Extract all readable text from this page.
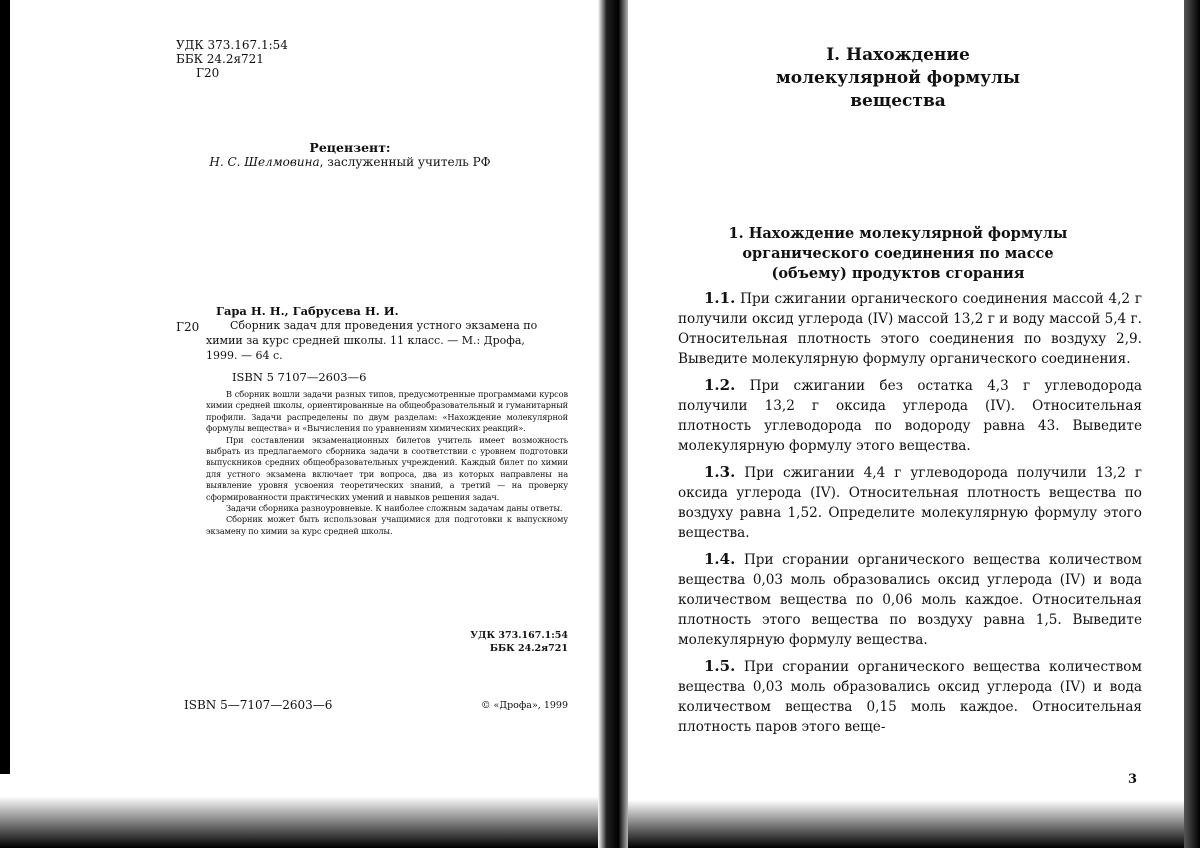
УДК 373.167.1:54
ББК 24.2я721
Г20
Рецензент:
Н. С. Шелмовина, заслуженный учитель РФ
Гара Н. Н., Габрусева Н. И.
Г20	Сборник задач для проведения устного экзамена по
химии за курс средней школы. 11 класс. — М.: Дрофа,
1999. — 64 с.
ISBN 5 7107—2603—6

В сборник вошли задачи разных типов, предусмотренные программами курсов химии средней школы, ориентированные на общеобразовательный и гуманитарный профили. Задачи распределены по двум разделам: «Нахождение молекулярной формулы вещества» и «Вычисления по уравнениям химических реакций».

При составлении экзаменационных билетов учитель имеет возможность выбрать из предлагаемого сборника задачи в соответствии с уровнем подготовки выпускников средних общеобразовательных учреждений. Каждый билет по химии для устного экзамена включает три вопроса, два из которых направлены на выявление уровня усвоения теоретических знаний, а третий — на проверку сформированности практических умений и навыков решения задач.

Задачи сборника разноуровневые. К наиболее сложным задачам даны ответы.

Сборник может быть использован учащимися для подготовки к выпускному экзамену по химии за курс средней школы.

УДК 373.167.1:54
ББК 24.2я721
ISBN 5—7107—2603—6	© «Дрофа», 1999
I. Нахождение
молекулярной формулы
вещества
1. Нахождение молекулярной формулы
органического соединения по массе
(объему) продуктов сгорания

1.1. При сжигании органического соединения массой 4,2 г получили оксид углерода (IV) массой 13,2 г и воду массой 5,4 г. Относительная плотность этого соединения по воздуху 2,9. Выведите молекулярную формулу органического соединения.

1.2. При сжигании без остатка 4,3 г углеводорода получили 13,2 г оксида углерода (IV). Относительная плотность углеводорода по водороду равна 43. Выведите молекулярную формулу этого вещества.

1.3. При сжигании 4,4 г углеводорода получили 13,2 г оксида углерода (IV). Относительная плотность вещества по воздуху равна 1,52. Определите молекулярную формулу этого вещества.

1.4. При сгорании органического вещества количеством вещества 0,03 моль образовались оксид углерода (IV) и вода количеством вещества по 0,06 моль каждое. Относительная плотность этого вещества по воздуху равна 1,5. Выведите молекулярную формулу вещества.

1.5. При сгорании органического вещества количеством вещества 0,03 моль образовались оксид углерода (IV) и вода количеством вещества 0,15 моль каждое. Относительная плотность паров этого веще-

3
